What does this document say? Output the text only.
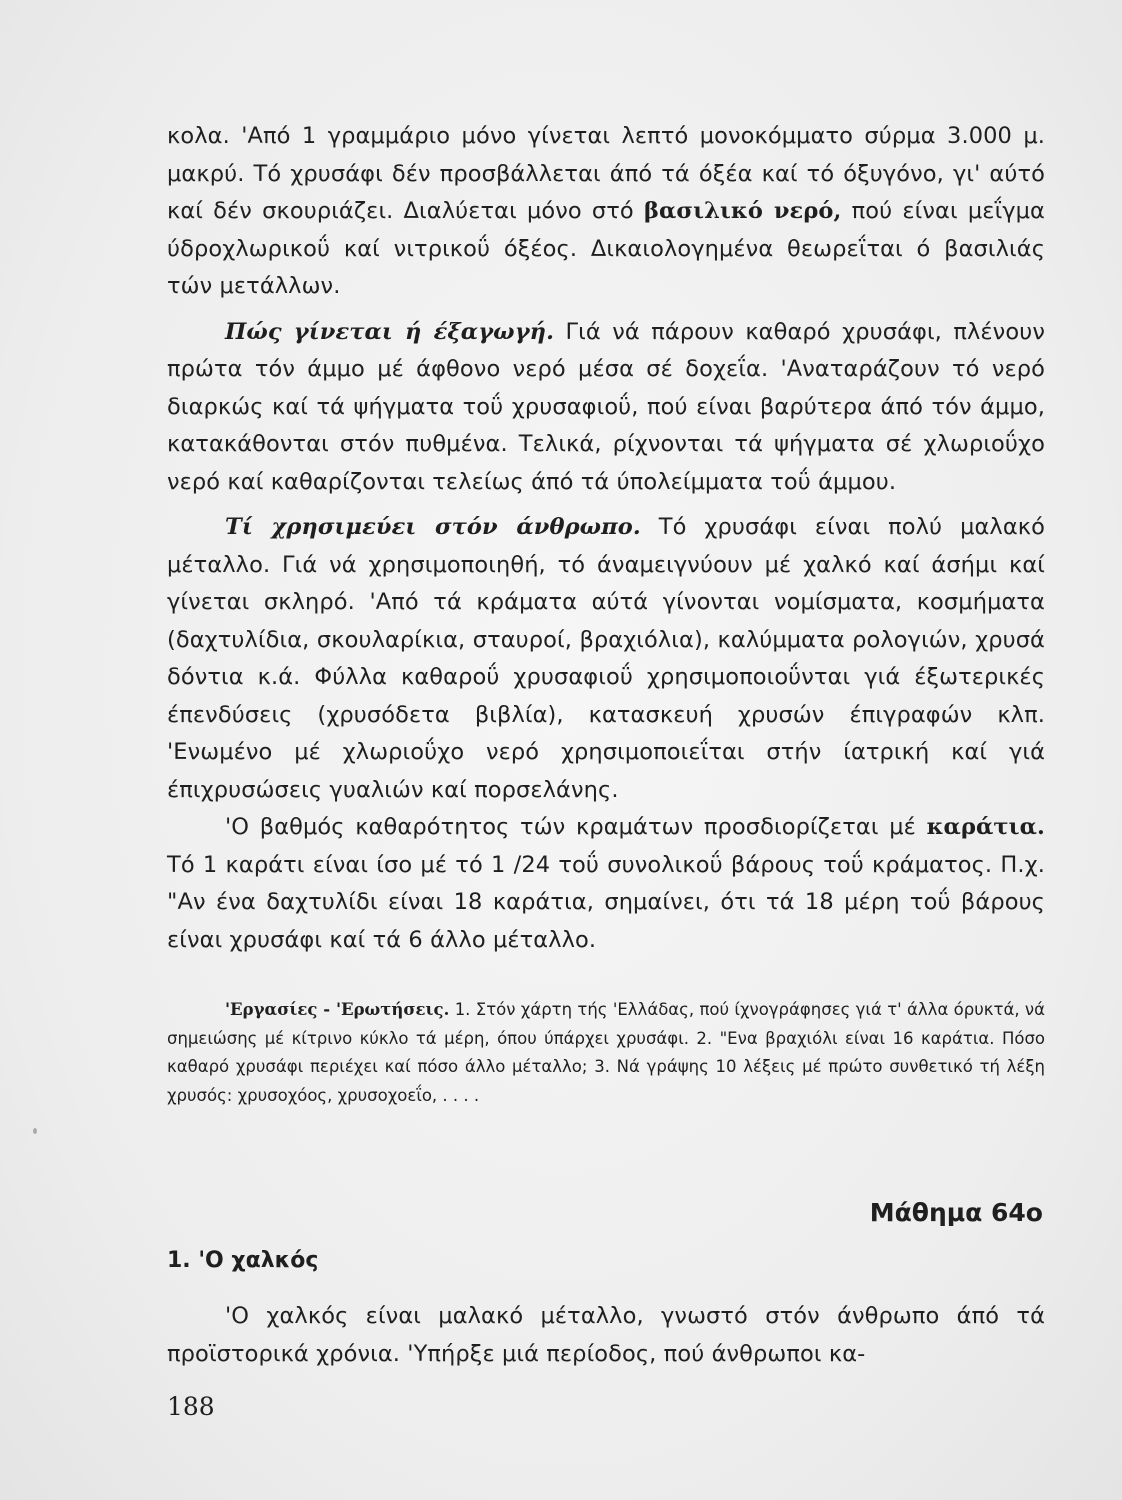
κολα. 'Από 1 γραμμάριο μόνο γίνεται λεπτό μονοκόμματο σύρμα 3.000 μ. μακρύ. Τό χρυσάφι δέν προσβάλλεται άπό τά όξέα καί τό όξυγόνο, γι' αύτό καί δέν σκουριάζει. Διαλύεται μόνο στό βασιλικό νερό, πού είναι μεΐγμα ύδροχλωρικοΰ καί νιτρικοΰ όξέος. Δικαιολογημένα θεωρεΐται ό βασιλιάς τών μετάλλων.

Πώς γίνεται ή έξαγωγή. Γιά νά πάρουν καθαρό χρυσάφι, πλένουν πρώτα τόν άμμο μέ άφθονο νερό μέσα σέ δοχεΐα. 'Αναταράζουν τό νερό διαρκώς καί τά ψήγματα τοΰ χρυσαφιοΰ, πού είναι βαρύτερα άπό τόν άμμο, κατακάθονται στόν πυθμένα. Τελικά, ρίχνονται τά ψήγματα σέ χλωριοΰχο νερό καί καθαρίζονται τελείως άπό τά ύπολείμματα τοΰ άμμου.

Τί χρησιμεύει στόν άνθρωπο. Τό χρυσάφι είναι πολύ μαλακό μέταλλο. Γιά νά χρησιμοποιηθή, τό άναμειγνύουν μέ χαλκό καί άσήμι καί γίνεται σκληρό. 'Από τά κράματα αύτά γίνονται νομίσματα, κοσμήματα (δαχτυλίδια, σκουλαρίκια, σταυροί, βραχιόλια), καλύμματα ρολογιών, χρυσά δόντια κ.ά. Φύλλα καθαροΰ χρυσαφιοΰ χρησιμοποιοΰνται γιά έξωτερικές έπενδύσεις (χρυσόδετα βιβλία), κατασκευή χρυσών έπιγραφών κλπ. 'Ενωμένο μέ χλωριοΰχο νερό χρησιμοποιεΐται στήν ίατρική καί γιά έπιχρυσώσεις γυαλιών καί πορσελάνης.

'Ο βαθμός καθαρότητος τών κραμάτων προσδιορίζεται μέ καράτια. Τό 1 καράτι είναι ίσο μέ τό 1 /24 τοΰ συνολικοΰ βάρους τοΰ κράματος. Π.χ. "Αν ένα δαχτυλίδι είναι 18 καράτια, σημαίνει, ότι τά 18 μέρη τοΰ βάρους είναι χρυσάφι καί τά 6 άλλο μέταλλο.

'Εργασίες - 'Ερωτήσεις. 1. Στόν χάρτη τής 'Ελλάδας, πού ίχνογράφησες γιά τ' άλλα όρυκτά, νά σημειώσης μέ κίτρινο κύκλο τά μέρη, όπου ύπάρχει χρυσάφι. 2. "Ενα βραχιόλι είναι 16 καράτια. Πόσο καθαρό χρυσάφι περιέχει καί πόσο άλλο μέταλλο; 3. Νά γράψης 10 λέξεις μέ πρώτο συνθετικό τή λέξη χρυσός: χρυσοχόος, χρυσοχοεΐο, . . . .
Μάθημα 64ο
1. 'Ο χαλκός

'Ο χαλκός είναι μαλακό μέταλλο, γνωστό στόν άνθρωπο άπό τά προϊστορικά χρόνια. 'Υπήρξε μιά περίοδος, πού άνθρωποι κα-

188
